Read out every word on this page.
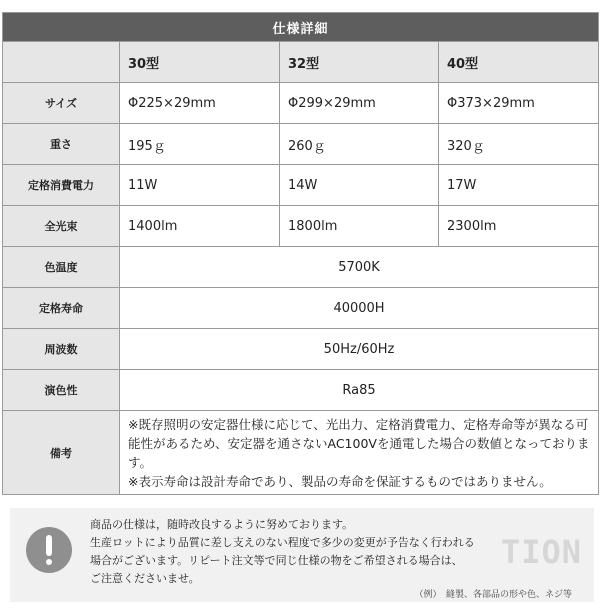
仕様詳細			
	30型	32型	40型
サイズ	Φ225×29mm	Φ299×29mm	Φ373×29mm
重さ	195ｇ	260ｇ	320ｇ
定格消費電力	11W	14W	17W
全光束	1400lm	1800lm	2300lm
色温度	5700K		
定格寿命	40000H		
周波数	50Hz/60Hz		
演色性	Ra85		
備考	※既存照明の安定器仕様に応じて、光出力、定格消費電力、定格寿命等が異なる可能性があるため、安定器を通さないAC100Vを通電した場合の数値となっております。
※表示寿命は設計寿命であり、製品の寿命を保証するものではありません。		
TION
商品の仕様は，随時改良するように努めております。
生産ロットにより品質に差し支えのない程度で多少の変更が予告なく行われる
場合がございます。リピート注文等で同じ仕様の物をご希望される場合は、
ご注意くださいませ。
（例）　縫製、各部品の形や色、ネジ等
